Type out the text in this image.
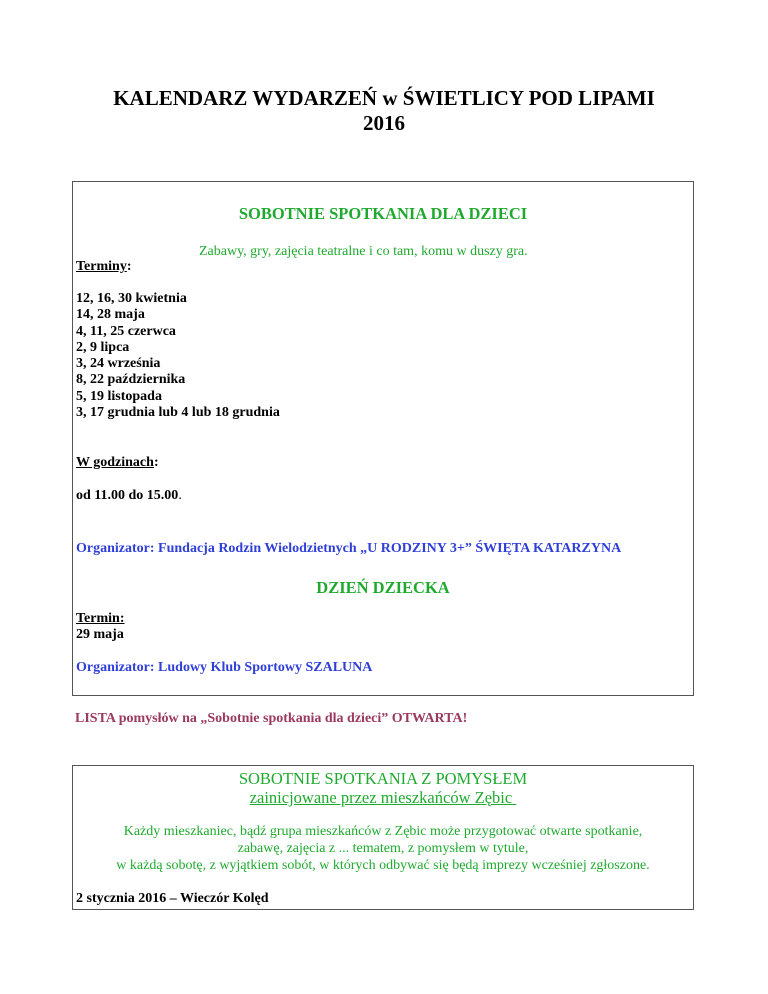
KALENDARZ WYDARZEŃ w ŚWIETLICY POD LIPAMI
2016
SOBOTNIE SPOTKANIA DLA DZIECI
Zabawy, gry, zajęcia teatralne i co tam, komu w duszy gra.
Terminy:
12, 16, 30 kwietnia
14, 28 maja
4, 11, 25 czerwca
2, 9 lipca
3, 24 września
8, 22 października
5, 19 listopada
3, 17 grudnia lub 4 lub 18 grudnia
W godzinach:
od 11.00 do 15.00.
Organizator: Fundacja Rodzin Wielodzietnych „U RODZINY 3+” ŚWIĘTA KATARZYNA
DZIEŃ DZIECKA
Termin:
29 maja
Organizator: Ludowy Klub Sportowy SZALUNA
LISTA pomysłów na „Sobotnie spotkania dla dzieci” OTWARTA!
SOBOTNIE SPOTKANIA Z POMYSŁEM
zainicjowane przez mieszkańców Zębic
Każdy mieszkaniec, bądź grupa mieszkańców z Zębic może przygotować otwarte spotkanie,
zabawę, zajęcia z ... tematem, z pomysłem w tytule,
w każdą sobotę, z wyjątkiem sobót, w których odbywać się będą imprezy wcześniej zgłoszone.
2 stycznia 2016 – Wieczór Kolęd
